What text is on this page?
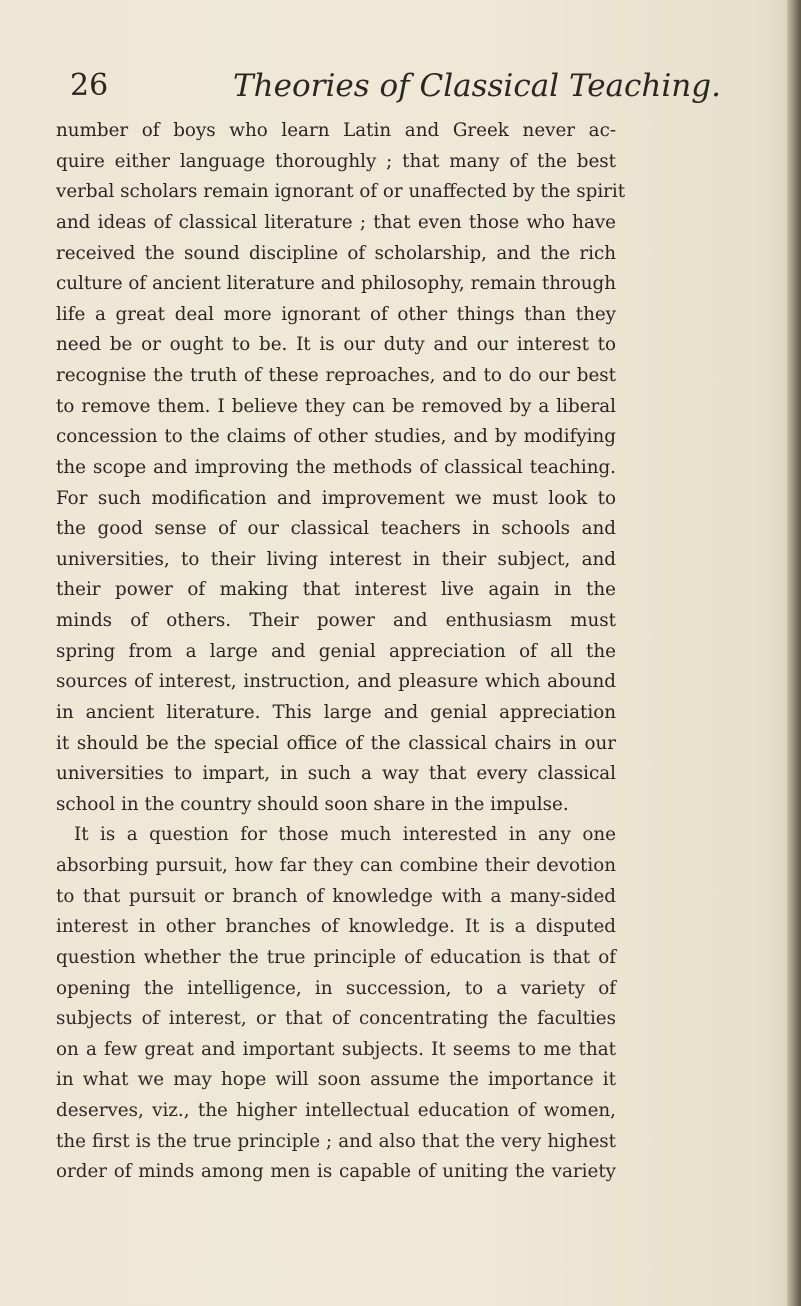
26	Theories of Classical Teaching.
number of boys who learn Latin and Greek never ac-
quire either language thoroughly ; that many of the best
verbal scholars remain ignorant of or unaffected by the spirit
and ideas of classical literature ; that even those who have
received the sound discipline of scholarship, and the rich
culture of ancient literature and philosophy, remain through
life a great deal more ignorant of other things than they
need be or ought to be. It is our duty and our interest to
recognise the truth of these reproaches, and to do our best
to remove them. I believe they can be removed by a liberal
concession to the claims of other studies, and by modifying
the scope and improving the methods of classical teaching.
For such modification and improvement we must look to
the good sense of our classical teachers in schools and
universities, to their living interest in their subject, and
their power of making that interest live again in the
minds of others. Their power and enthusiasm must
spring from a large and genial appreciation of all the
sources of interest, instruction, and pleasure which abound
in ancient literature. This large and genial appreciation
it should be the special office of the classical chairs in our
universities to impart, in such a way that every classical
school in the country should soon share in the impulse.
It is a question for those much interested in any one
absorbing pursuit, how far they can combine their devotion
to that pursuit or branch of knowledge with a many-sided
interest in other branches of knowledge. It is a disputed
question whether the true principle of education is that of
opening the intelligence, in succession, to a variety of
subjects of interest, or that of concentrating the faculties
on a few great and important subjects. It seems to me that
in what we may hope will soon assume the importance it
deserves, viz., the higher intellectual education of women,
the first is the true principle ; and also that the very highest
order of minds among men is capable of uniting the variety
